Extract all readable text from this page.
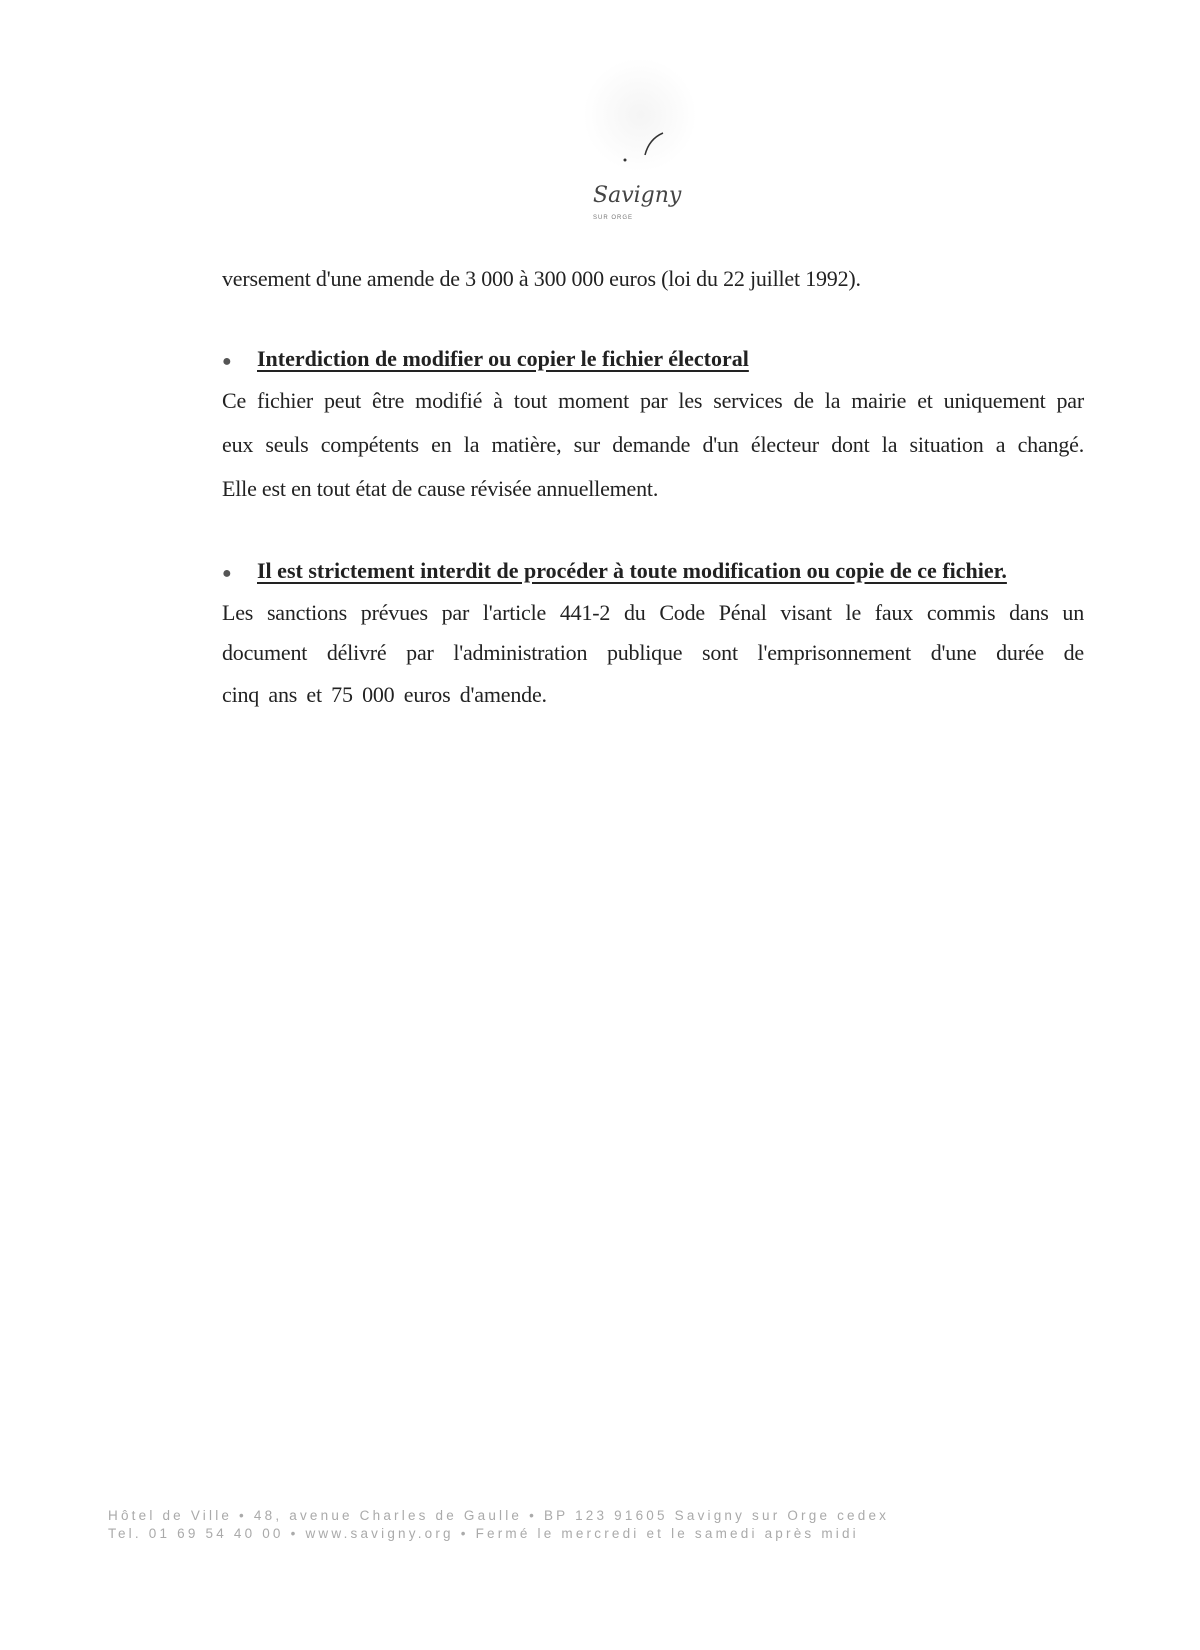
Savigny
SUR ORGE
versement d'une amende de 3 000 à 300 000 euros (loi du 22 juillet 1992).
● Interdiction de modifier ou copier le fichier électoral
Ce fichier peut être modifié à tout moment par les services de la mairie et uniquement par
eux seuls compétents en la matière, sur demande d'un électeur dont la situation a changé.
Elle est en tout état de cause révisée annuellement.
● Il est strictement interdit de procéder à toute modification ou copie de ce fichier.
Les sanctions prévues par l'article 441-2 du Code Pénal visant le faux commis dans un
document délivré par l'administration publique sont l'emprisonnement d'une durée de
cinq ans et 75 000 euros d'amende.
Hôtel de Ville • 48, avenue Charles de Gaulle • BP 123 91605 Savigny sur Orge cedex
Tel. 01 69 54 40 00 • www.savigny.org • Fermé le mercredi et le samedi après midi
